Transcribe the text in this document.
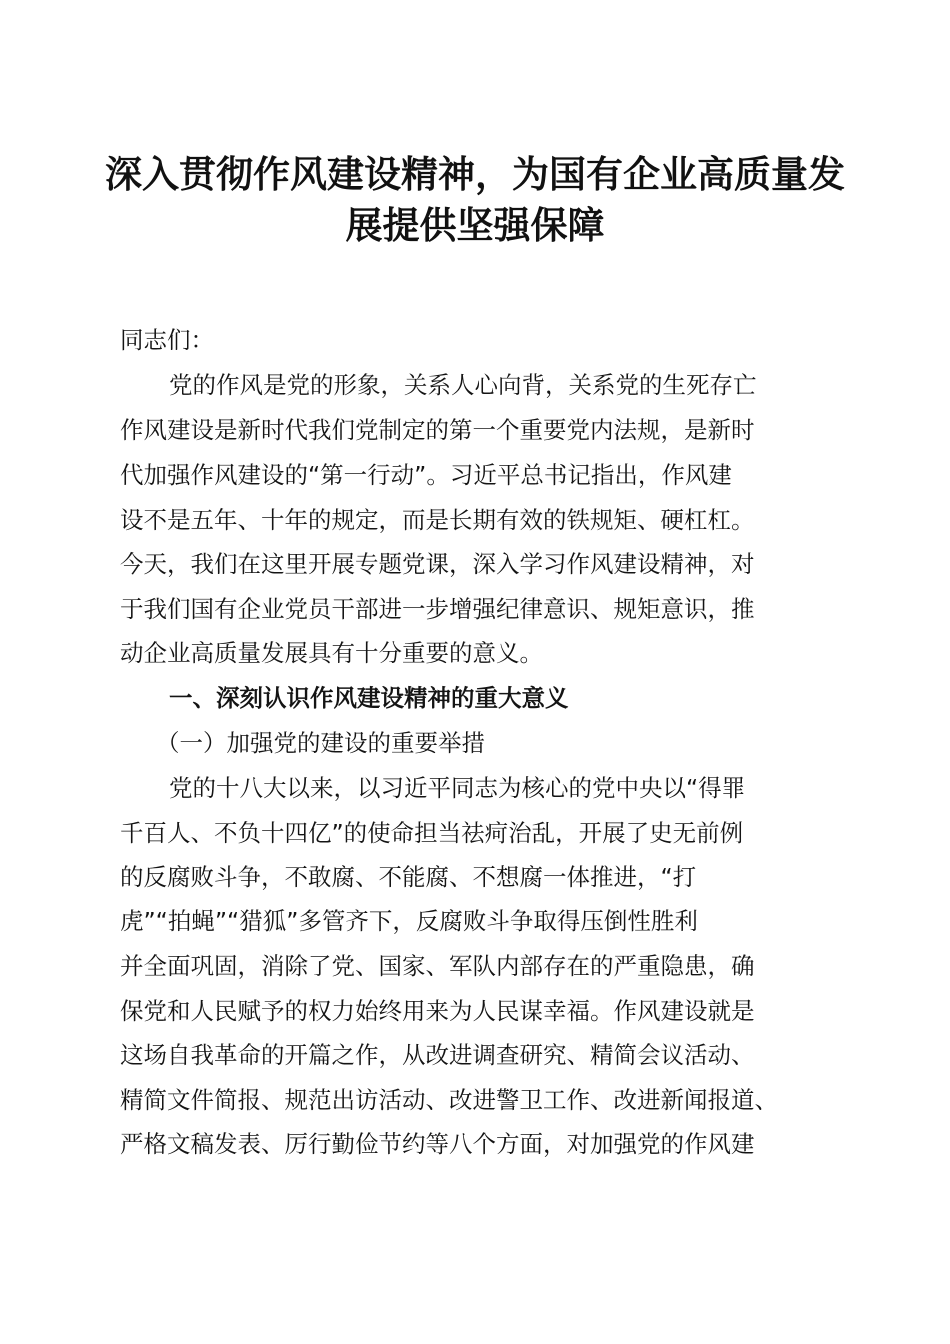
深入贯彻作风建设精神，为国有企业高质量发
展提供坚强保障
同志们：
党的作风是党的形象，关系人心向背，关系党的生死存亡
作风建设是新时代我们党制定的第一个重要党内法规，是新时
代加强作风建设的“第一行动”。习近平总书记指出，作风建
设不是五年、十年的规定，而是长期有效的铁规矩、硬杠杠。
今天，我们在这里开展专题党课，深入学习作风建设精神，对
于我们国有企业党员干部进一步增强纪律意识、规矩意识，推
动企业高质量发展具有十分重要的意义。
一、深刻认识作风建设精神的重大意义
（一）加强党的建设的重要举措
党的十八大以来，以习近平同志为核心的党中央以“得罪
千百人、不负十四亿”的使命担当祛疴治乱，开展了史无前例
的反腐败斗争，不敢腐、不能腐、不想腐一体推进，“打
虎”“拍蝇”“猎狐”多管齐下，反腐败斗争取得压倒性胜利
并全面巩固，消除了党、国家、军队内部存在的严重隐患，确
保党和人民赋予的权力始终用来为人民谋幸福。作风建设就是
这场自我革命的开篇之作，从改进调查研究、精简会议活动、
精简文件简报、规范出访活动、改进警卫工作、改进新闻报道、
严格文稿发表、厉行勤俭节约等八个方面，对加强党的作风建
